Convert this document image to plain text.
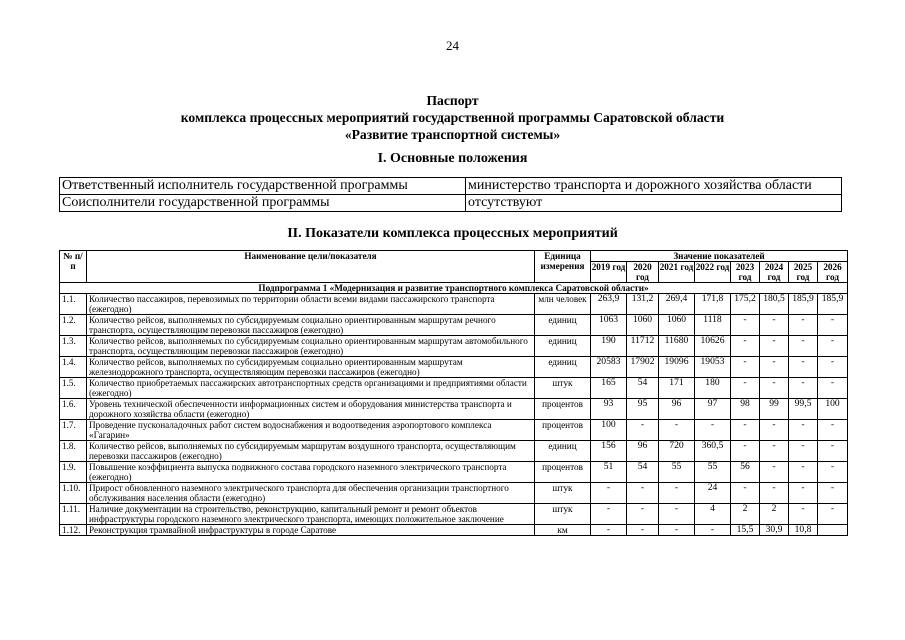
24
Паспорт
комплекса процессных мероприятий государственной программы Саратовской области
«Развитие транспортной системы»
I. Основные положения
Ответственный исполнитель государственной программы	министерство транспорта и дорожного хозяйства области
Соисполнители государственной программы	отсутствуют
II. Показатели комплекса процессных мероприятий
№ п/п	Наименование цели/показателя	Единица измерения	Значение показателей							
			2019 год	2020 год	2021 год	2022 год	2023 год	2024 год	2025 год	2026 год
Подпрограмма 1 «Модернизация и развитие транспортного комплекса Саратовской области»										
1.1.	Количество пассажиров, перевозимых по территории области всеми видами пассажирского транспорта (ежегодно)	млн человек	263,9	131,2	269,4	171,8	175,2	180,5	185,9	185,9
1.2.	Количество рейсов, выполняемых по субсидируемым социально ориентированным маршрутам речного транспорта, осуществляющим перевозки пассажиров (ежегодно)	единиц	1063	1060	1060	1118	-	-	-	-
1.3.	Количество рейсов, выполняемых по субсидируемым социально ориентированным маршрутам автомобильного транспорта, осуществляющим перевозки пассажиров (ежегодно)	единиц	190	11712	11680	10626	-	-	-	-
1.4.	Количество рейсов, выполняемых по субсидируемым социально ориентированным маршрутам железнодорожного транспорта, осуществляющим перевозки пассажиров (ежегодно)	единиц	20583	17902	19096	19053	-	-	-	-
1.5.	Количество приобретаемых пассажирских автотранспортных средств организациями и предприятиями области (ежегодно)	штук	165	54	171	180	-	-	-	-
1.6.	Уровень технической обеспеченности информационных систем и оборудования министерства транспорта и дорожного хозяйства области (ежегодно)	процентов	93	95	96	97	98	99	99,5	100
1.7.	Проведение пусконаладочных работ систем водоснабжения и водоотведения аэропортового комплекса «Гагарин»	процентов	100	-	-	-	-	-	-	-
1.8.	Количество рейсов, выполняемых по субсидируемым маршрутам воздушного транспорта, осуществляющим перевозки пассажиров (ежегодно)	единиц	156	96	720	360,5	-	-	-	-
1.9.	Повышение коэффициента выпуска подвижного состава городского наземного электрического транспорта (ежегодно)	процентов	51	54	55	55	56	-	-	-
1.10.	Прирост обновленного наземного электрического транспорта для обеспечения организации транспортного обслуживания населения области (ежегодно)	штук	-	-	-	24	-	-	-	-
1.11.	Наличие документации на строительство, реконструкцию, капитальный ремонт и ремонт объектов инфраструктуры городского наземного электрического транспорта, имеющих положительное заключение	штук	-	-	-	4	2	2	-	-
1.12.	Реконструкция трамвайной инфраструктуры в городе Саратове	км	-	-	-	-	15,5	30,9	10,8	
